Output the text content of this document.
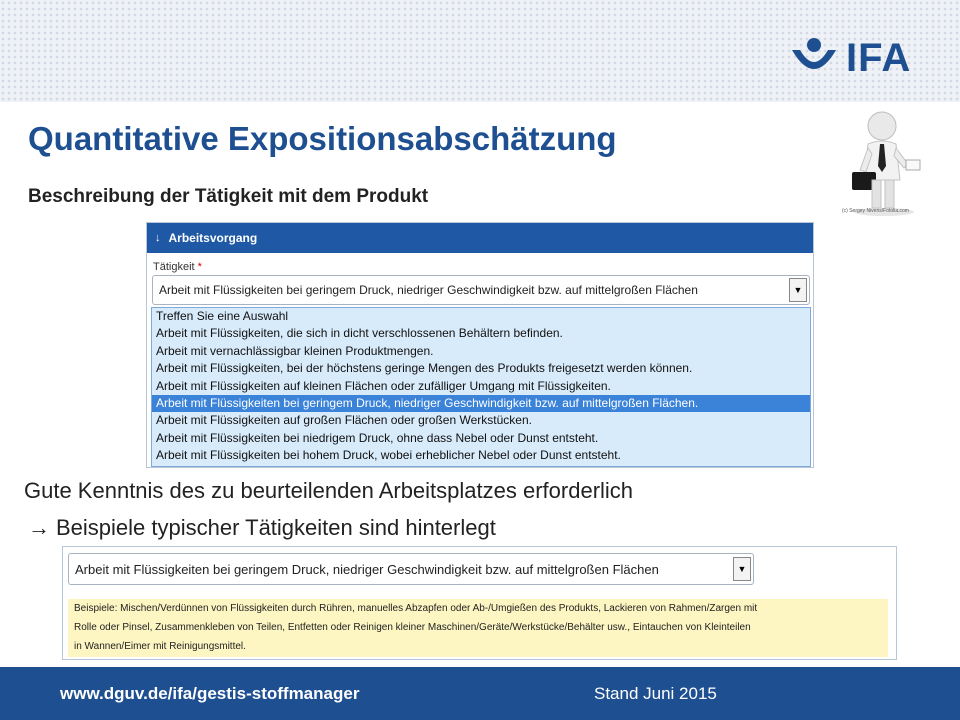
IFA
Quantitative Expositionsabschätzung
Beschreibung der Tätigkeit mit dem Produkt
(c) Sergey Nivens/Fotolia.com
↓ Arbeitsvorgang
Tätigkeit *
Arbeit mit Flüssigkeiten bei geringem Druck, niedriger Geschwindigkeit bzw. auf mittelgroßen Flächen	▼
Treffen Sie eine Auswahl
Arbeit mit Flüssigkeiten, die sich in dicht verschlossenen Behältern befinden.
Arbeit mit vernachlässigbar kleinen Produktmengen.
Arbeit mit Flüssigkeiten, bei der höchstens geringe Mengen des Produkts freigesetzt werden können.
Arbeit mit Flüssigkeiten auf kleinen Flächen oder zufälliger Umgang mit Flüssigkeiten.
Arbeit mit Flüssigkeiten bei geringem Druck, niedriger Geschwindigkeit bzw. auf mittelgroßen Flächen.
Arbeit mit Flüssigkeiten auf großen Flächen oder großen Werkstücken.
Arbeit mit Flüssigkeiten bei niedrigem Druck, ohne dass Nebel oder Dunst entsteht.
Arbeit mit Flüssigkeiten bei hohem Druck, wobei erheblicher Nebel oder Dunst entsteht.
Gute Kenntnis des zu beurteilenden Arbeitsplatzes erforderlich
→ Beispiele typischer Tätigkeiten sind hinterlegt
Arbeit mit Flüssigkeiten bei geringem Druck, niedriger Geschwindigkeit bzw. auf mittelgroßen Flächen	▼
Beispiele: Mischen/Verdünnen von Flüssigkeiten durch Rühren, manuelles Abzapfen oder Ab-/Umgießen des Produkts, Lackieren von Rahmen/Zargen mit
Rolle oder Pinsel, Zusammenkleben von Teilen, Entfetten oder Reinigen kleiner Maschinen/Geräte/Werkstücke/Behälter usw., Eintauchen von Kleinteilen
in Wannen/Eimer mit Reinigungsmittel.
www.dguv.de/ifa/gestis-stoffmanager	Stand Juni 2015
